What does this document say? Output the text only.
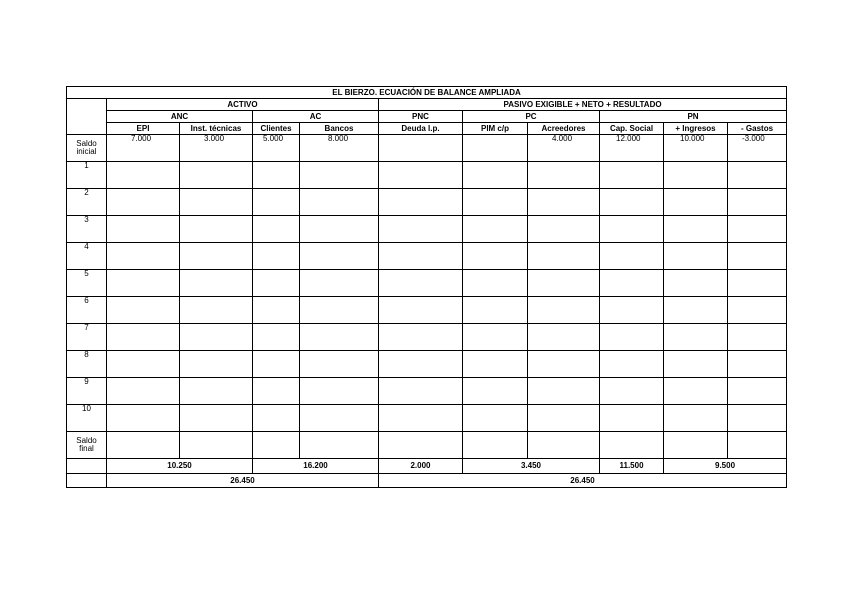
EL BIERZO. ECUACIÓN DE BALANCE AMPLIADA										
	ACTIVO				PASIVO EXIGIBLE + NETO + RESULTADO					
	ANC		AC		PNC	PC		PN		
	EPI	Inst. técnicas	Clientes	Bancos	Deuda l.p.	PIM c/p	Acreedores	Cap. Social	+ Ingresos	- Gastos
Saldo
inicial	7.000	3.000	5.000	8.000			4.000	12.000	10.000	-3.000
1										
2										
3										
4										
5										
6										
7										
8										
9										
10										
Saldo
final										
	10.250		16.200		2.000	3.450		11.500	9.500	
	26.450				26.450					
